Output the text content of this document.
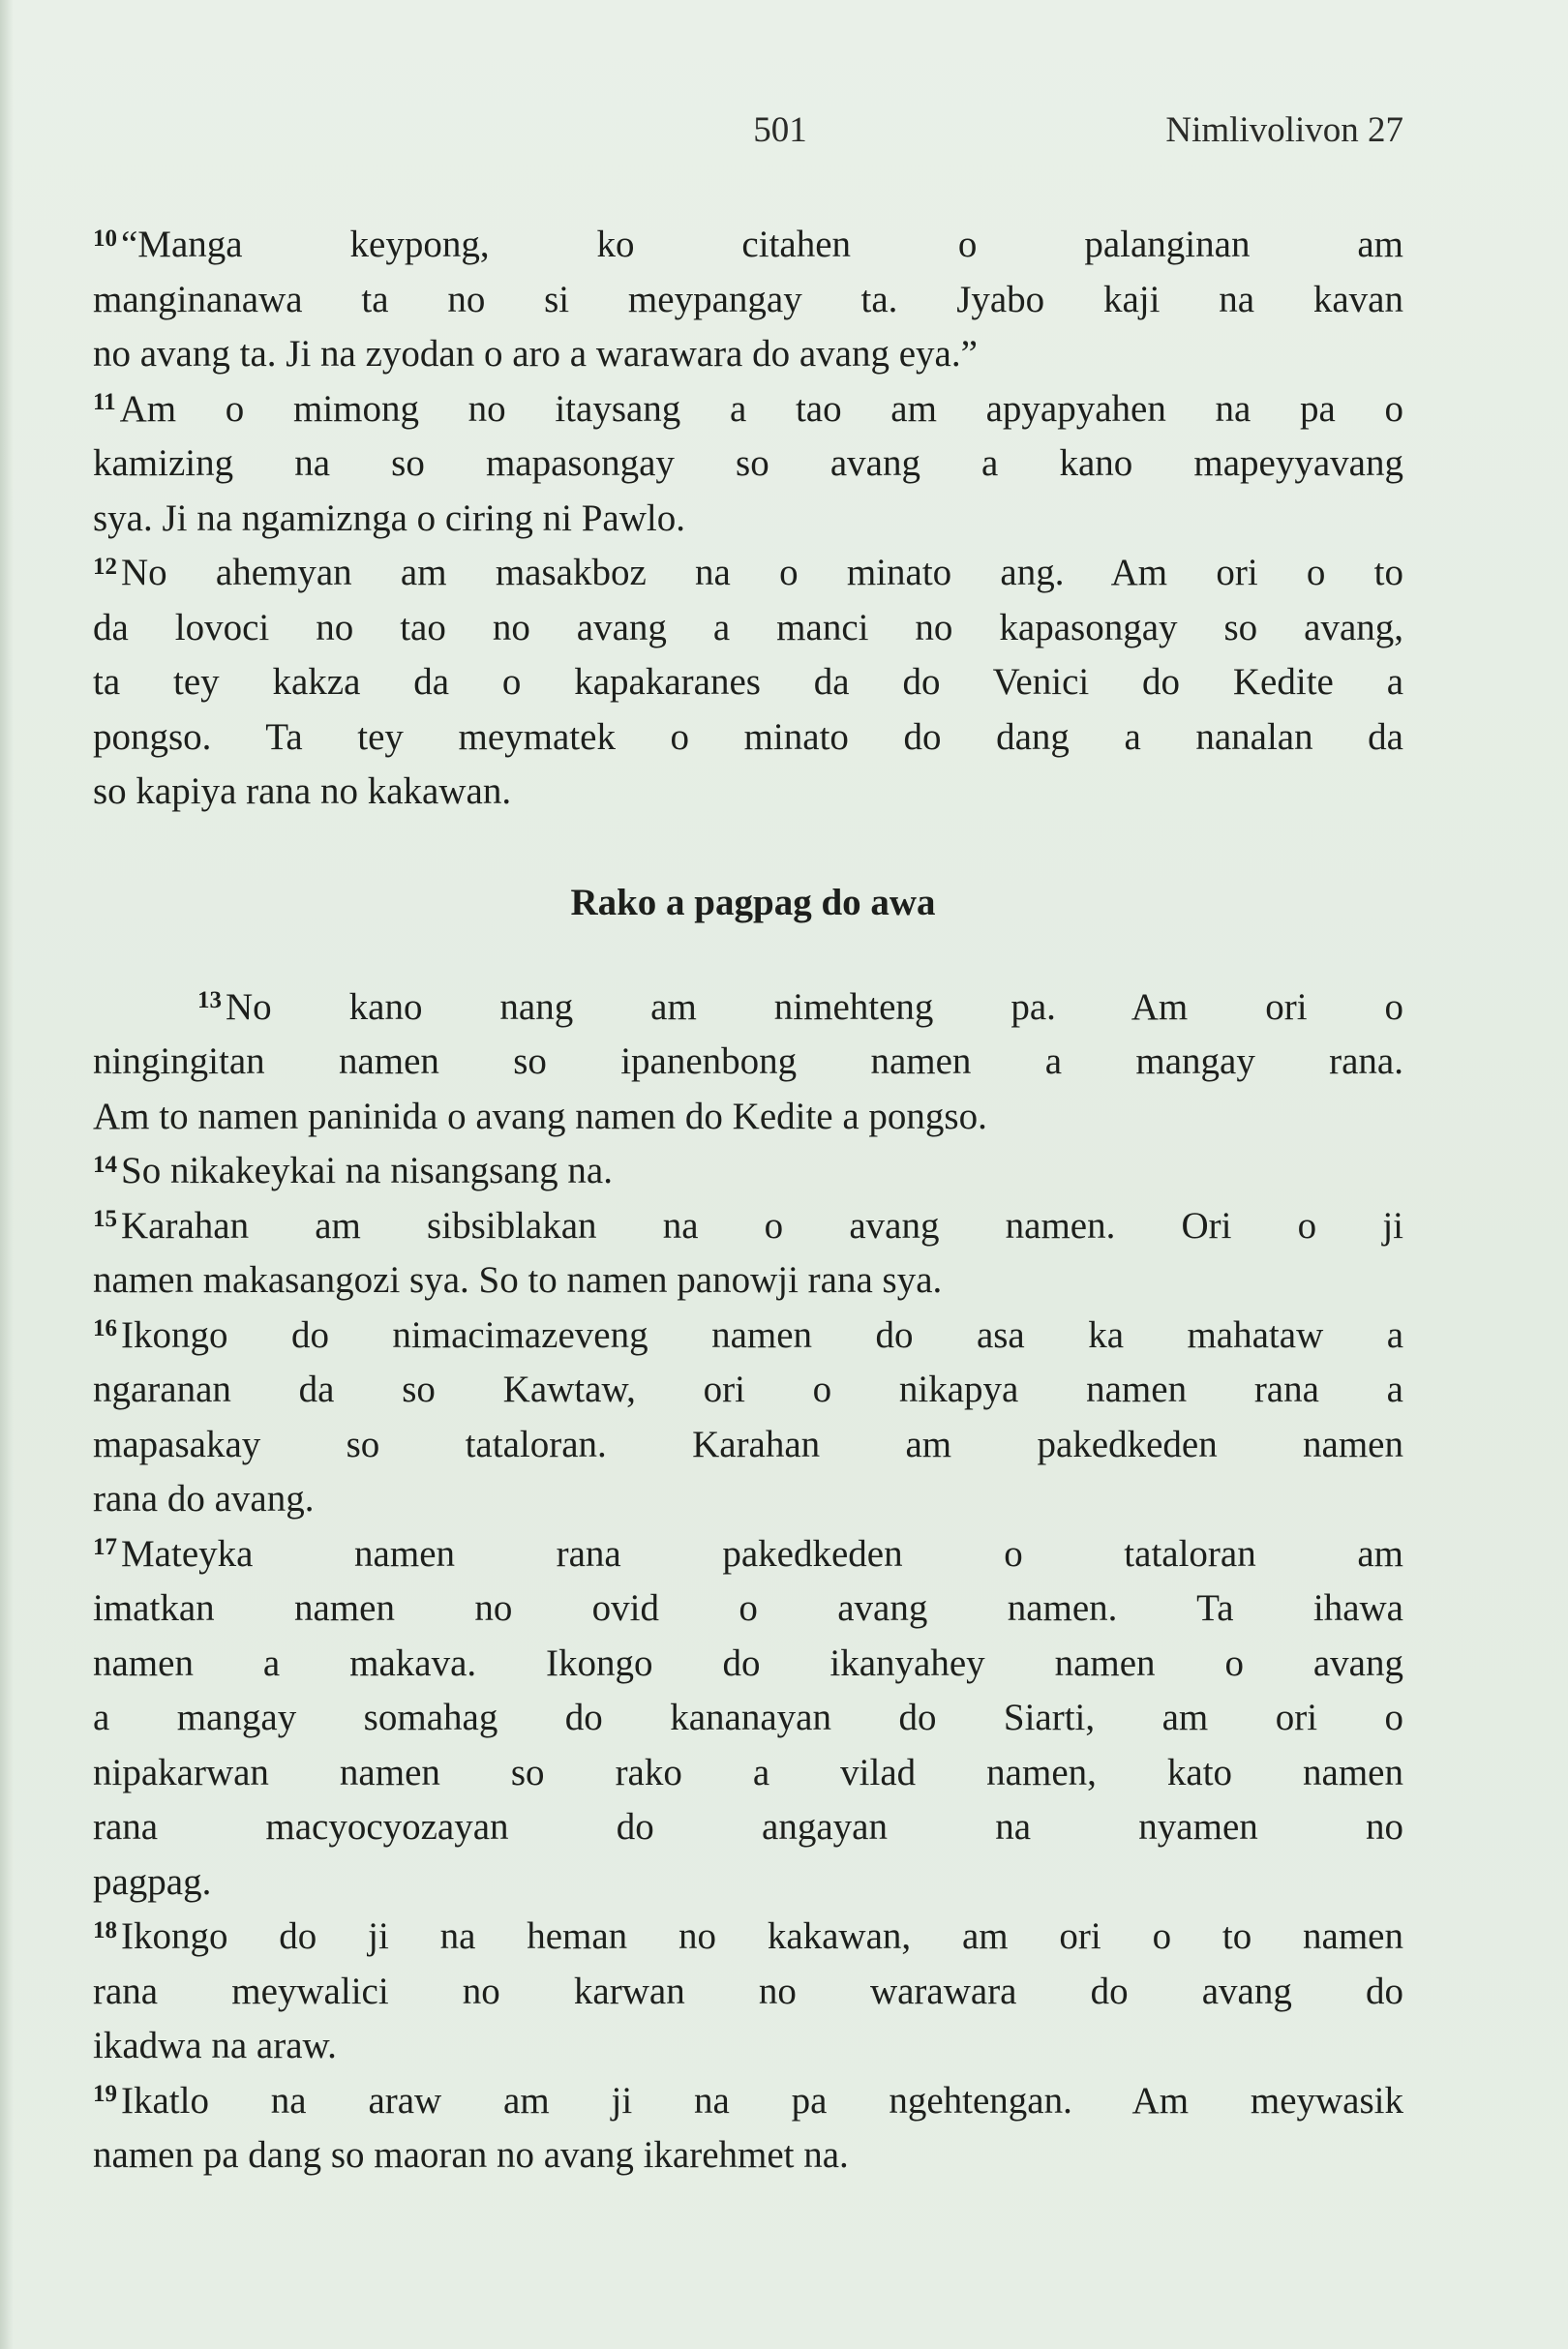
501	Nimlivolivon 27

$^{10}$ “Manga keypong, ko citahen o palanginan am
manginanawa ta no si meypangay ta. Jyabo kaji na kavan
no avang ta. Ji na zyodan o aro a warawara do avang eya.”

$^{11}$ Am o mimong no itaysang a tao am apyapyahen na pa o
kamizing na so mapasongay so avang a kano mapeyyavang
sya. Ji na ngamiznga o ciring ni Pawlo.

$^{12}$ No ahemyan am masakboz na o minato ang. Am ori o to
da lovoci no tao no avang a manci no kapasongay so avang,
ta tey kakza da o kapakaranes da do Venici do Kedite a
pongso. Ta tey meymatek o minato do dang a nanalan da
so kapiya rana no kakawan.

Rako a pagpag do awa

$^{13}$ No kano nang am nimehteng pa. Am ori o
ningingitan namen so ipanenbong namen a mangay rana.
Am to namen paninida o avang namen do Kedite a pongso.

$^{14}$ So nikakeykai na nisangsang na.

$^{15}$ Karahan am sibsiblakan na o avang namen. Ori o ji
namen makasangozi sya. So to namen panowji rana sya.

$^{16}$ Ikongo do nimacimazeveng namen do asa ka mahataw a
ngaranan da so Kawtaw, ori o nikapya namen rana a
mapasakay so tataloran. Karahan am pakedkeden namen
rana do avang.

$^{17}$ Mateyka namen rana pakedkeden o tataloran am
imatkan namen no ovid o avang namen. Ta ihawa
namen a makava. Ikongo do ikanyahey namen o avang
a mangay somahag do kananayan do Siarti, am ori o
nipakarwan namen so rako a vilad namen, kato namen
rana macyocyozayan do angayan na nyamen no
pagpag.

$^{18}$ Ikongo do ji na heman no kakawan, am ori o to namen
rana meywalici no karwan no warawara do avang do
ikadwa na araw.

$^{19}$ Ikatlo na araw am ji na pa ngehtengan. Am meywasik
namen pa dang so maoran no avang ikarehmet na.
